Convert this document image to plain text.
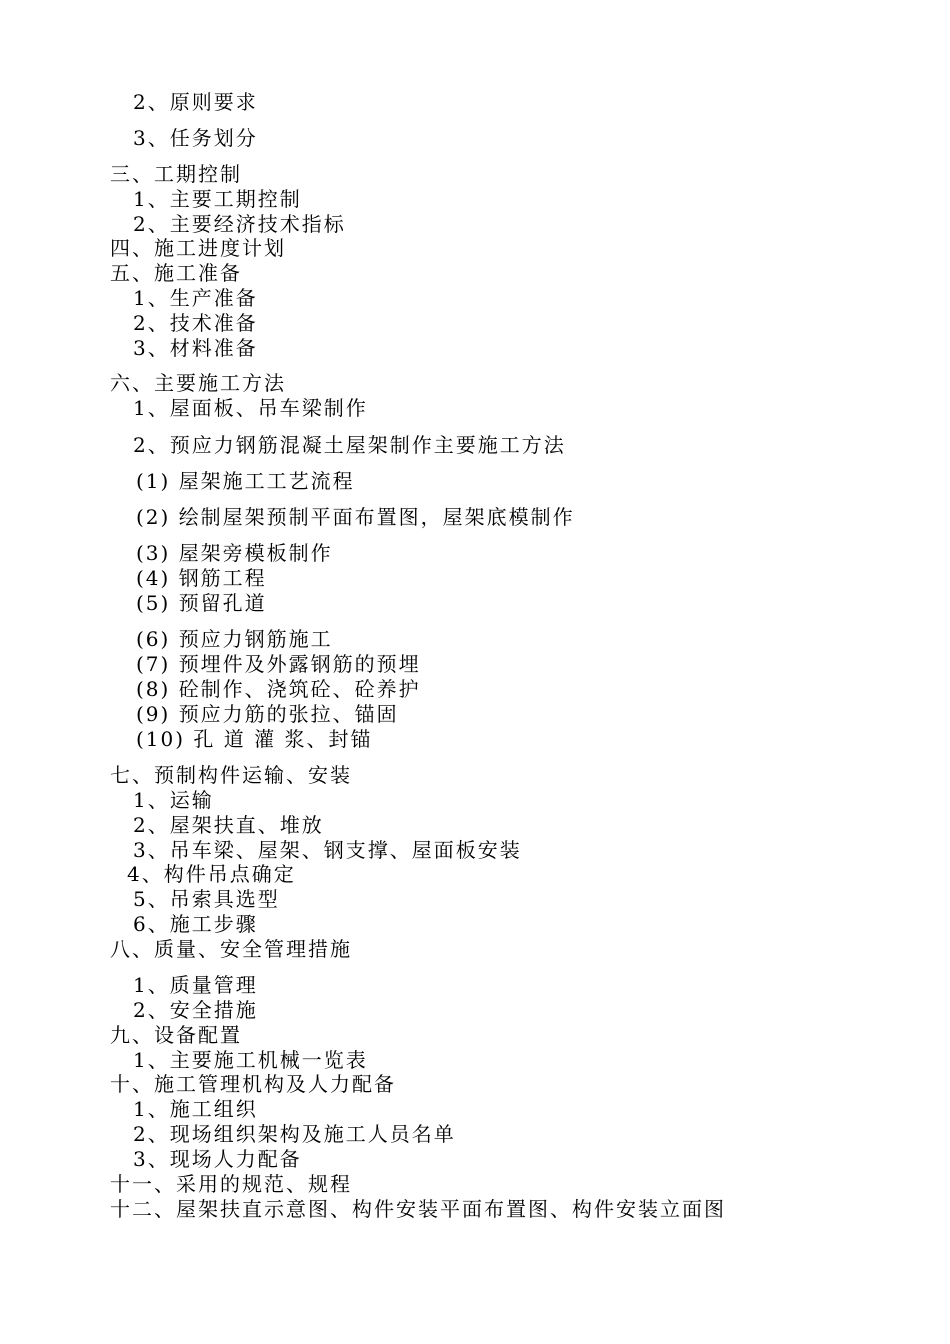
2、原则要求
3、任务划分
三、工期控制
1、主要工期控制
2、主要经济技术指标
四、施工进度计划
五、施工准备
1、生产准备
2、技术准备
3、材料准备
六、主要施工方法
1、屋面板、吊车梁制作
2、预应力钢筋混凝土屋架制作主要施工方法
(1) 屋架施工工艺流程
(2) 绘制屋架预制平面布置图，屋架底模制作
(3) 屋架旁模板制作
(4) 钢筋工程
(5) 预留孔道
(6) 预应力钢筋施工
(7) 预埋件及外露钢筋的预埋
(8) 砼制作、浇筑砼、砼养护
(9) 预应力筋的张拉、锚固
(10) 孔 道 灌 浆、封锚
七、预制构件运输、安装
1、运输
2、屋架扶直、堆放
3、吊车梁、屋架、钢支撑、屋面板安装
4、构件吊点确定
5、吊索具选型
6、施工步骤
八、质量、安全管理措施
1、质量管理
2、安全措施
九、设备配置
1、主要施工机械一览表
十、施工管理机构及人力配备
1、施工组织
2、现场组织架构及施工人员名单
3、现场人力配备
十一、采用的规范、规程
十二、屋架扶直示意图、构件安装平面布置图、构件安装立面图
